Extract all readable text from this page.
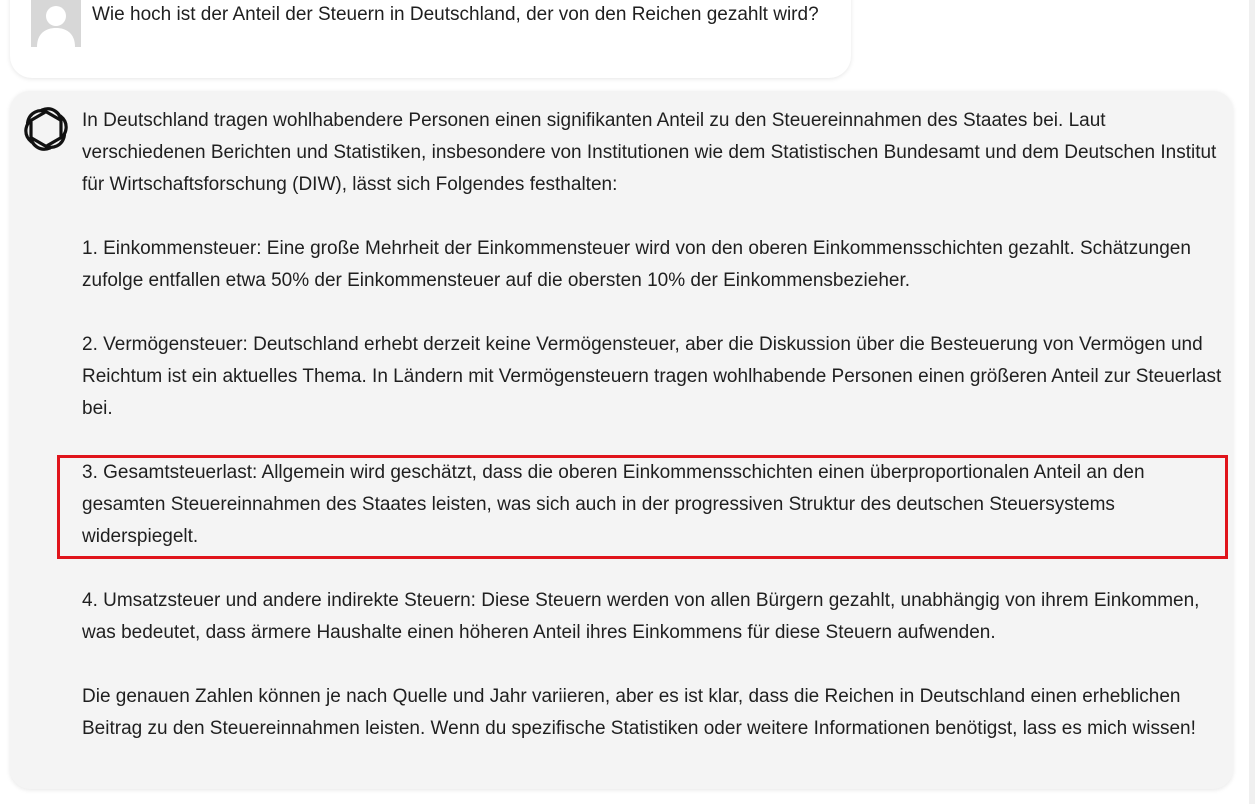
Wie hoch ist der Anteil der Steuern in Deutschland, der von den Reichen gezahlt wird?
In Deutschland tragen wohlhabendere Personen einen signifikanten Anteil zu den Steuereinnahmen des Staates bei. Laut verschiedenen Berichten und Statistiken, insbesondere von Institutionen wie dem Statistischen Bundesamt und dem Deutschen Institut für Wirtschaftsforschung (DIW), lässt sich Folgendes festhalten:
1. Einkommensteuer: Eine große Mehrheit der Einkommensteuer wird von den oberen Einkommensschichten gezahlt. Schätzungen zufolge entfallen etwa 50% der Einkommensteuer auf die obersten 10% der Einkommensbezieher.
2. Vermögensteuer: Deutschland erhebt derzeit keine Vermögensteuer, aber die Diskussion über die Besteuerung von Vermögen und Reichtum ist ein aktuelles Thema. In Ländern mit Vermögensteuern tragen wohlhabende Personen einen größeren Anteil zur Steuerlast bei.
3. Gesamtsteuerlast: Allgemein wird geschätzt, dass die oberen Einkommensschichten einen überproportionalen Anteil an den gesamten Steuereinnahmen des Staates leisten, was sich auch in der progressiven Struktur des deutschen Steuersystems widerspiegelt.
4. Umsatzsteuer und andere indirekte Steuern: Diese Steuern werden von allen Bürgern gezahlt, unabhängig von ihrem Einkommen, was bedeutet, dass ärmere Haushalte einen höheren Anteil ihres Einkommens für diese Steuern aufwenden.
Die genauen Zahlen können je nach Quelle und Jahr variieren, aber es ist klar, dass die Reichen in Deutschland einen erheblichen Beitrag zu den Steuereinnahmen leisten. Wenn du spezifische Statistiken oder weitere Informationen benötigst, lass es mich wissen!
